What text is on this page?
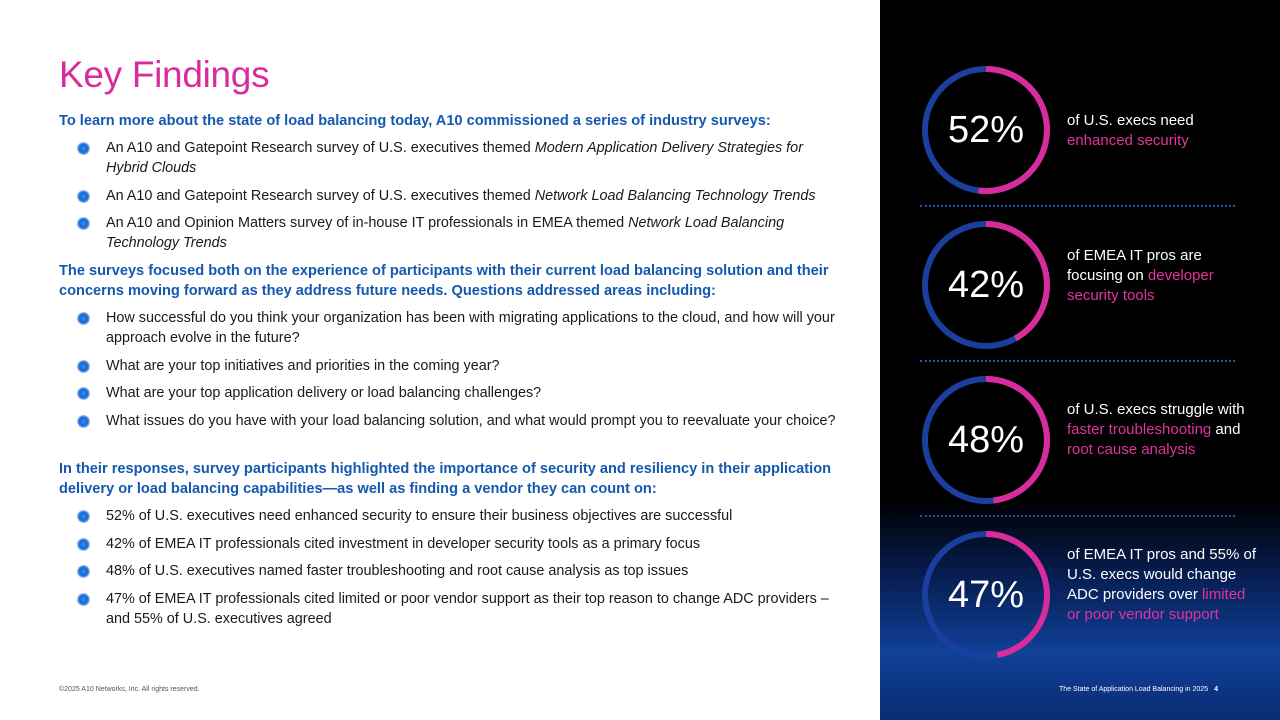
Key Findings
To learn more about the state of load balancing today, A10 commissioned a series of industry surveys:
An A10 and Gatepoint Research survey of U.S. executives themed Modern Application Delivery Strategies for Hybrid Clouds
An A10 and Gatepoint Research survey of U.S. executives themed Network Load Balancing Technology Trends
An A10 and Opinion Matters survey of in-house IT professionals in EMEA themed Network Load Balancing Technology Trends
The surveys focused both on the experience of participants with their current load balancing solution and their concerns moving forward as they address future needs. Questions addressed areas including:
How successful do you think your organization has been with migrating applications to the cloud, and how will your approach evolve in the future?
What are your top initiatives and priorities in the coming year?
What are your top application delivery or load balancing challenges?
What issues do you have with your load balancing solution, and what would prompt you to reevaluate your choice?
In their responses, survey participants highlighted the importance of security and resiliency in their application delivery or load balancing capabilities—as well as finding a vendor they can count on:
52% of U.S. executives need enhanced security to ensure their business objectives are successful
42% of EMEA IT professionals cited investment in developer security tools as a primary focus
48% of U.S. executives named faster troubleshooting and root cause analysis as top issues
47% of EMEA IT professionals cited limited or poor vendor support as their top reason to change ADC providers – and 55% of U.S. executives agreed
©2025 A10 Networks, Inc. All rights reserved.
52%	of U.S. execs need enhanced security
42%
of EMEA IT pros are focusing on developer security tools
48%
of U.S. execs struggle with faster troubleshooting and root cause analysis
47%
of EMEA IT pros and 55% of U.S. execs would change ADC providers over limited or poor vendor support
The State of Application Load Balancing in 2025 4
